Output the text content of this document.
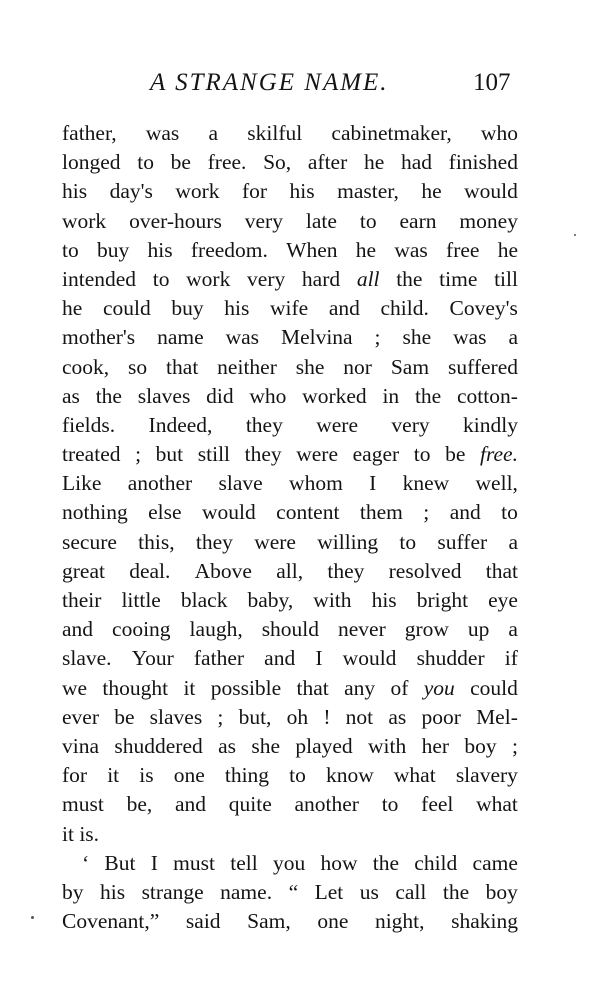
A STRANGE NAME.	107
father, was a skilful cabinetmaker, who
longed to be free. So, after he had finished
his day's work for his master, he would
work over-hours very late to earn money
to buy his freedom. When he was free he
intended to work very hard all the time till
he could buy his wife and child. Covey's
mother's name was Melvina ; she was a
cook, so that neither she nor Sam suffered
as the slaves did who worked in the cotton-
fields. Indeed, they were very kindly
treated ; but still they were eager to be free.
Like another slave whom I knew well,
nothing else would content them ; and to
secure this, they were willing to suffer a
great deal. Above all, they resolved that
their little black baby, with his bright eye
and cooing laugh, should never grow up a
slave. Your father and I would shudder if
we thought it possible that any of you could
ever be slaves ; but, oh ! not as poor Mel-
vina shuddered as she played with her boy ;
for it is one thing to know what slavery
must be, and quite another to feel what
it is.
‘ But I must tell you how the child came
by his strange name. “ Let us call the boy
Covenant,” said Sam, one night, shaking
